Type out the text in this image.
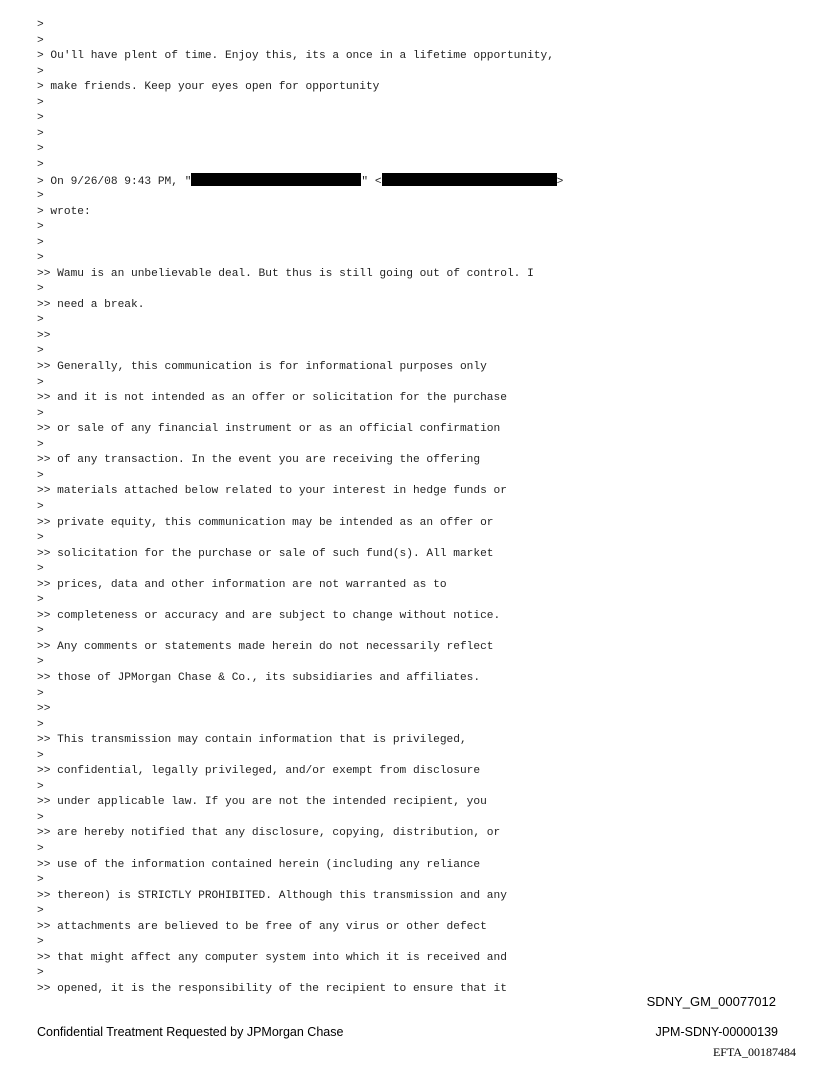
>
>
> Ou'll have plent of time. Enjoy this, its a once in a lifetime opportunity,
>
> make friends. Keep your eyes open for opportunity
>
>
>
>
>
> On 9/26/08 9:43 PM, "	" <	>
>
> wrote:
>
>
>
>> Wamu is an unbelievable deal. But thus is still going out of control. I
>
>> need a break.
>
>>
>
>> Generally, this communication is for informational purposes only
>
>> and it is not intended as an offer or solicitation for the purchase
>
>> or sale of any financial instrument or as an official confirmation
>
>> of any transaction. In the event you are receiving the offering
>
>> materials attached below related to your interest in hedge funds or
>
>> private equity, this communication may be intended as an offer or
>
>> solicitation for the purchase or sale of such fund(s). All market
>
>> prices, data and other information are not warranted as to
>
>> completeness or accuracy and are subject to change without notice.
>
>> Any comments or statements made herein do not necessarily reflect
>
>> those of JPMorgan Chase & Co., its subsidiaries and affiliates.
>
>>
>
>> This transmission may contain information that is privileged,
>
>> confidential, legally privileged, and/or exempt from disclosure
>
>> under applicable law. If you are not the intended recipient, you
>
>> are hereby notified that any disclosure, copying, distribution, or
>
>> use of the information contained herein (including any reliance
>
>> thereon) is STRICTLY PROHIBITED. Although this transmission and any
>
>> attachments are believed to be free of any virus or other defect
>
>> that might affect any computer system into which it is received and
>
>> opened, it is the responsibility of the recipient to ensure that it
SDNY_GM_00077012
Confidential Treatment Requested by JPMorgan Chase	JPM-SDNY-00000139
EFTA_00187484
